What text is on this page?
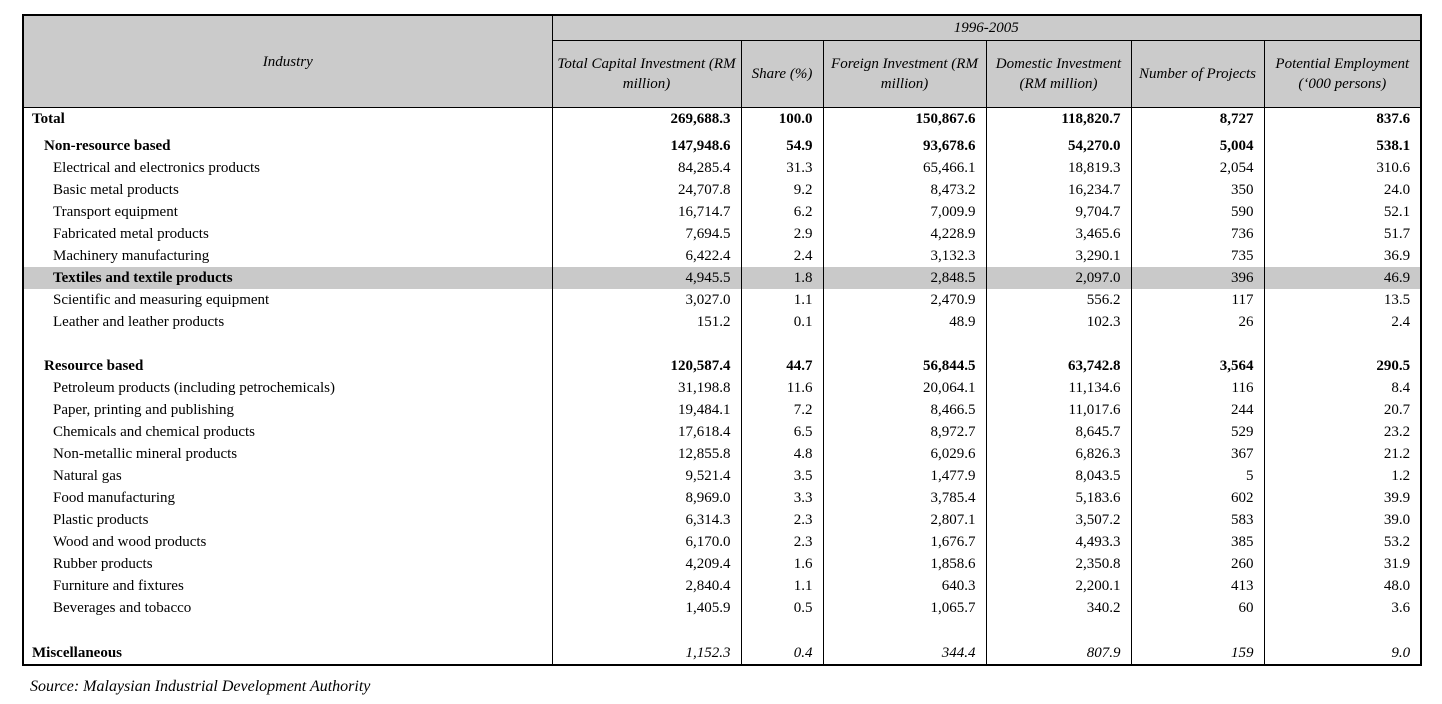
Industry	1996-2005					
	Total Capital Investment (RM million)	Share (%)	Foreign Investment (RM million)	Domestic Investment (RM million)	Number of Projects	Potential Employment (‘000 persons)
Total	269,688.3	100.0	150,867.6	118,820.7	8,727	837.6

Non-resource based	147,948.6	54.9	93,678.6	54,270.0	5,004	538.1
Electrical and electronics products	84,285.4	31.3	65,466.1	18,819.3	2,054	310.6
Basic metal products	24,707.8	9.2	8,473.2	16,234.7	350	24.0
Transport equipment	16,714.7	6.2	7,009.9	9,704.7	590	52.1
Fabricated metal products	7,694.5	2.9	4,228.9	3,465.6	736	51.7
Machinery manufacturing	6,422.4	2.4	3,132.3	3,290.1	735	36.9
Textiles and textile products	4,945.5	1.8	2,848.5	2,097.0	396	46.9
Scientific and measuring equipment	3,027.0	1.1	2,470.9	556.2	117	13.5
Leather and leather products	151.2	0.1	48.9	102.3	26	2.4

Resource based	120,587.4	44.7	56,844.5	63,742.8	3,564	290.5
Petroleum products (including petrochemicals)	31,198.8	11.6	20,064.1	11,134.6	116	8.4
Paper, printing and publishing	19,484.1	7.2	8,466.5	11,017.6	244	20.7
Chemicals and chemical products	17,618.4	6.5	8,972.7	8,645.7	529	23.2
Non-metallic mineral products	12,855.8	4.8	6,029.6	6,826.3	367	21.2
Natural gas	9,521.4	3.5	1,477.9	8,043.5	5	1.2
Food manufacturing	8,969.0	3.3	3,785.4	5,183.6	602	39.9
Plastic products	6,314.3	2.3	2,807.1	3,507.2	583	39.0
Wood and wood products	6,170.0	2.3	1,676.7	4,493.3	385	53.2
Rubber products	4,209.4	1.6	1,858.6	2,350.8	260	31.9
Furniture and fixtures	2,840.4	1.1	640.3	2,200.1	413	48.0
Beverages and tobacco	1,405.9	0.5	1,065.7	340.2	60	3.6

Miscellaneous	1,152.3	0.4	344.4	807.9	159	9.0
Source: Malaysian Industrial Development Authority
